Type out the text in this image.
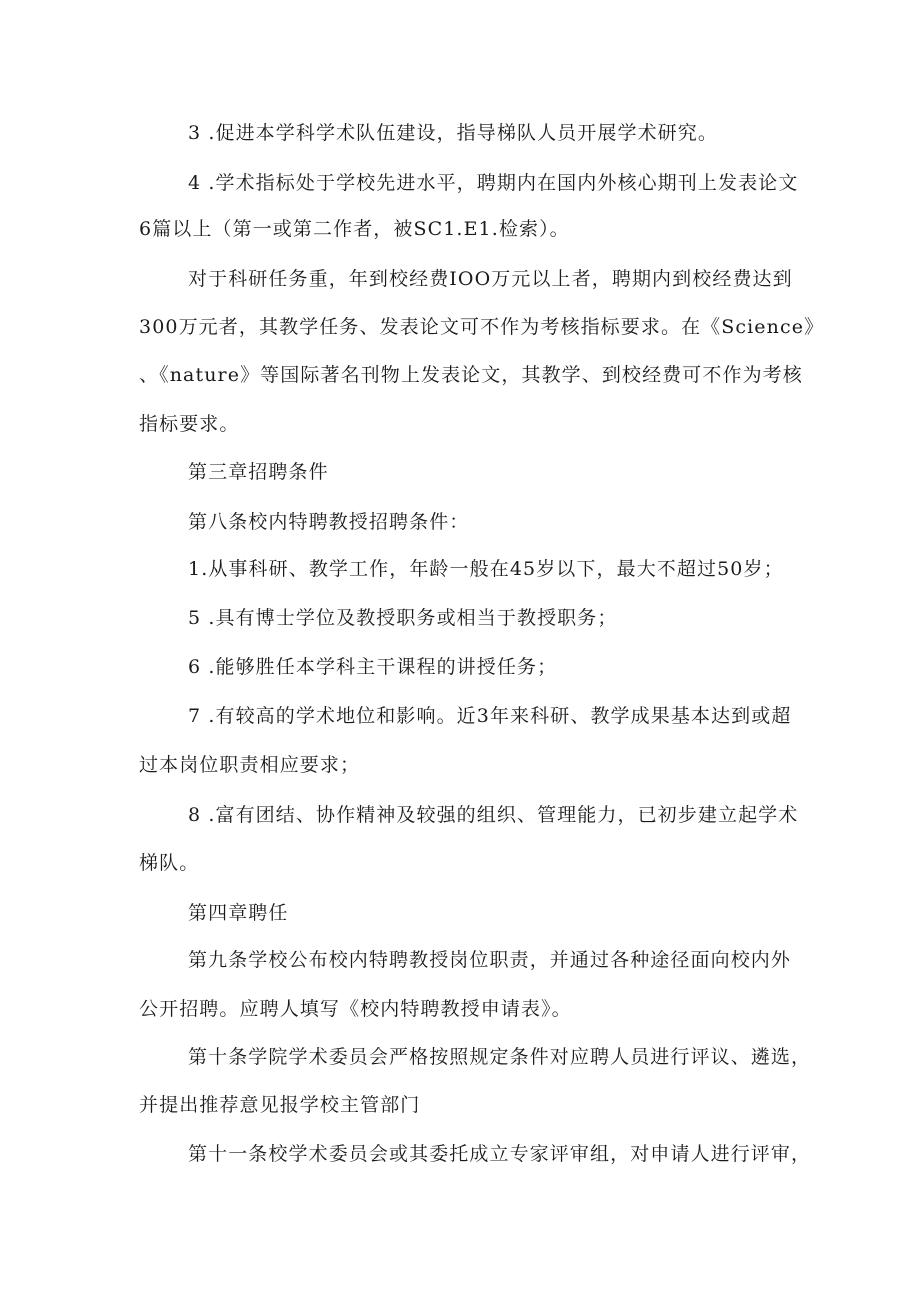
3 .促进本学科学术队伍建设，指导梯队人员开展学术研究。
4 .学术指标处于学校先进水平，聘期内在国内外核心期刊上发表论文
6篇以上（第一或第二作者，被SC1.E1.检索）。
对于科研任务重，年到校经费IOO万元以上者，聘期内到校经费达到
300万元者，其教学任务、发表论文可不作为考核指标要求。在《Science》
、《nature》等国际著名刊物上发表论文，其教学、到校经费可不作为考核
指标要求。
第三章招聘条件
第八条校内特聘教授招聘条件：
1.从事科研、教学工作，年龄一般在45岁以下，最大不超过50岁；
5 .具有博士学位及教授职务或相当于教授职务；
6 .能够胜任本学科主干课程的讲授任务；
7 .有较高的学术地位和影响。近3年来科研、教学成果基本达到或超
过本岗位职责相应要求；
8 .富有团结、协作精神及较强的组织、管理能力，已初步建立起学术
梯队。
第四章聘任
第九条学校公布校内特聘教授岗位职责，并通过各种途径面向校内外
公开招聘。应聘人填写《校内特聘教授申请表》。
第十条学院学术委员会严格按照规定条件对应聘人员进行评议、遴选，
并提出推荐意见报学校主管部门
第十一条校学术委员会或其委托成立专家评审组，对申请人进行评审，
